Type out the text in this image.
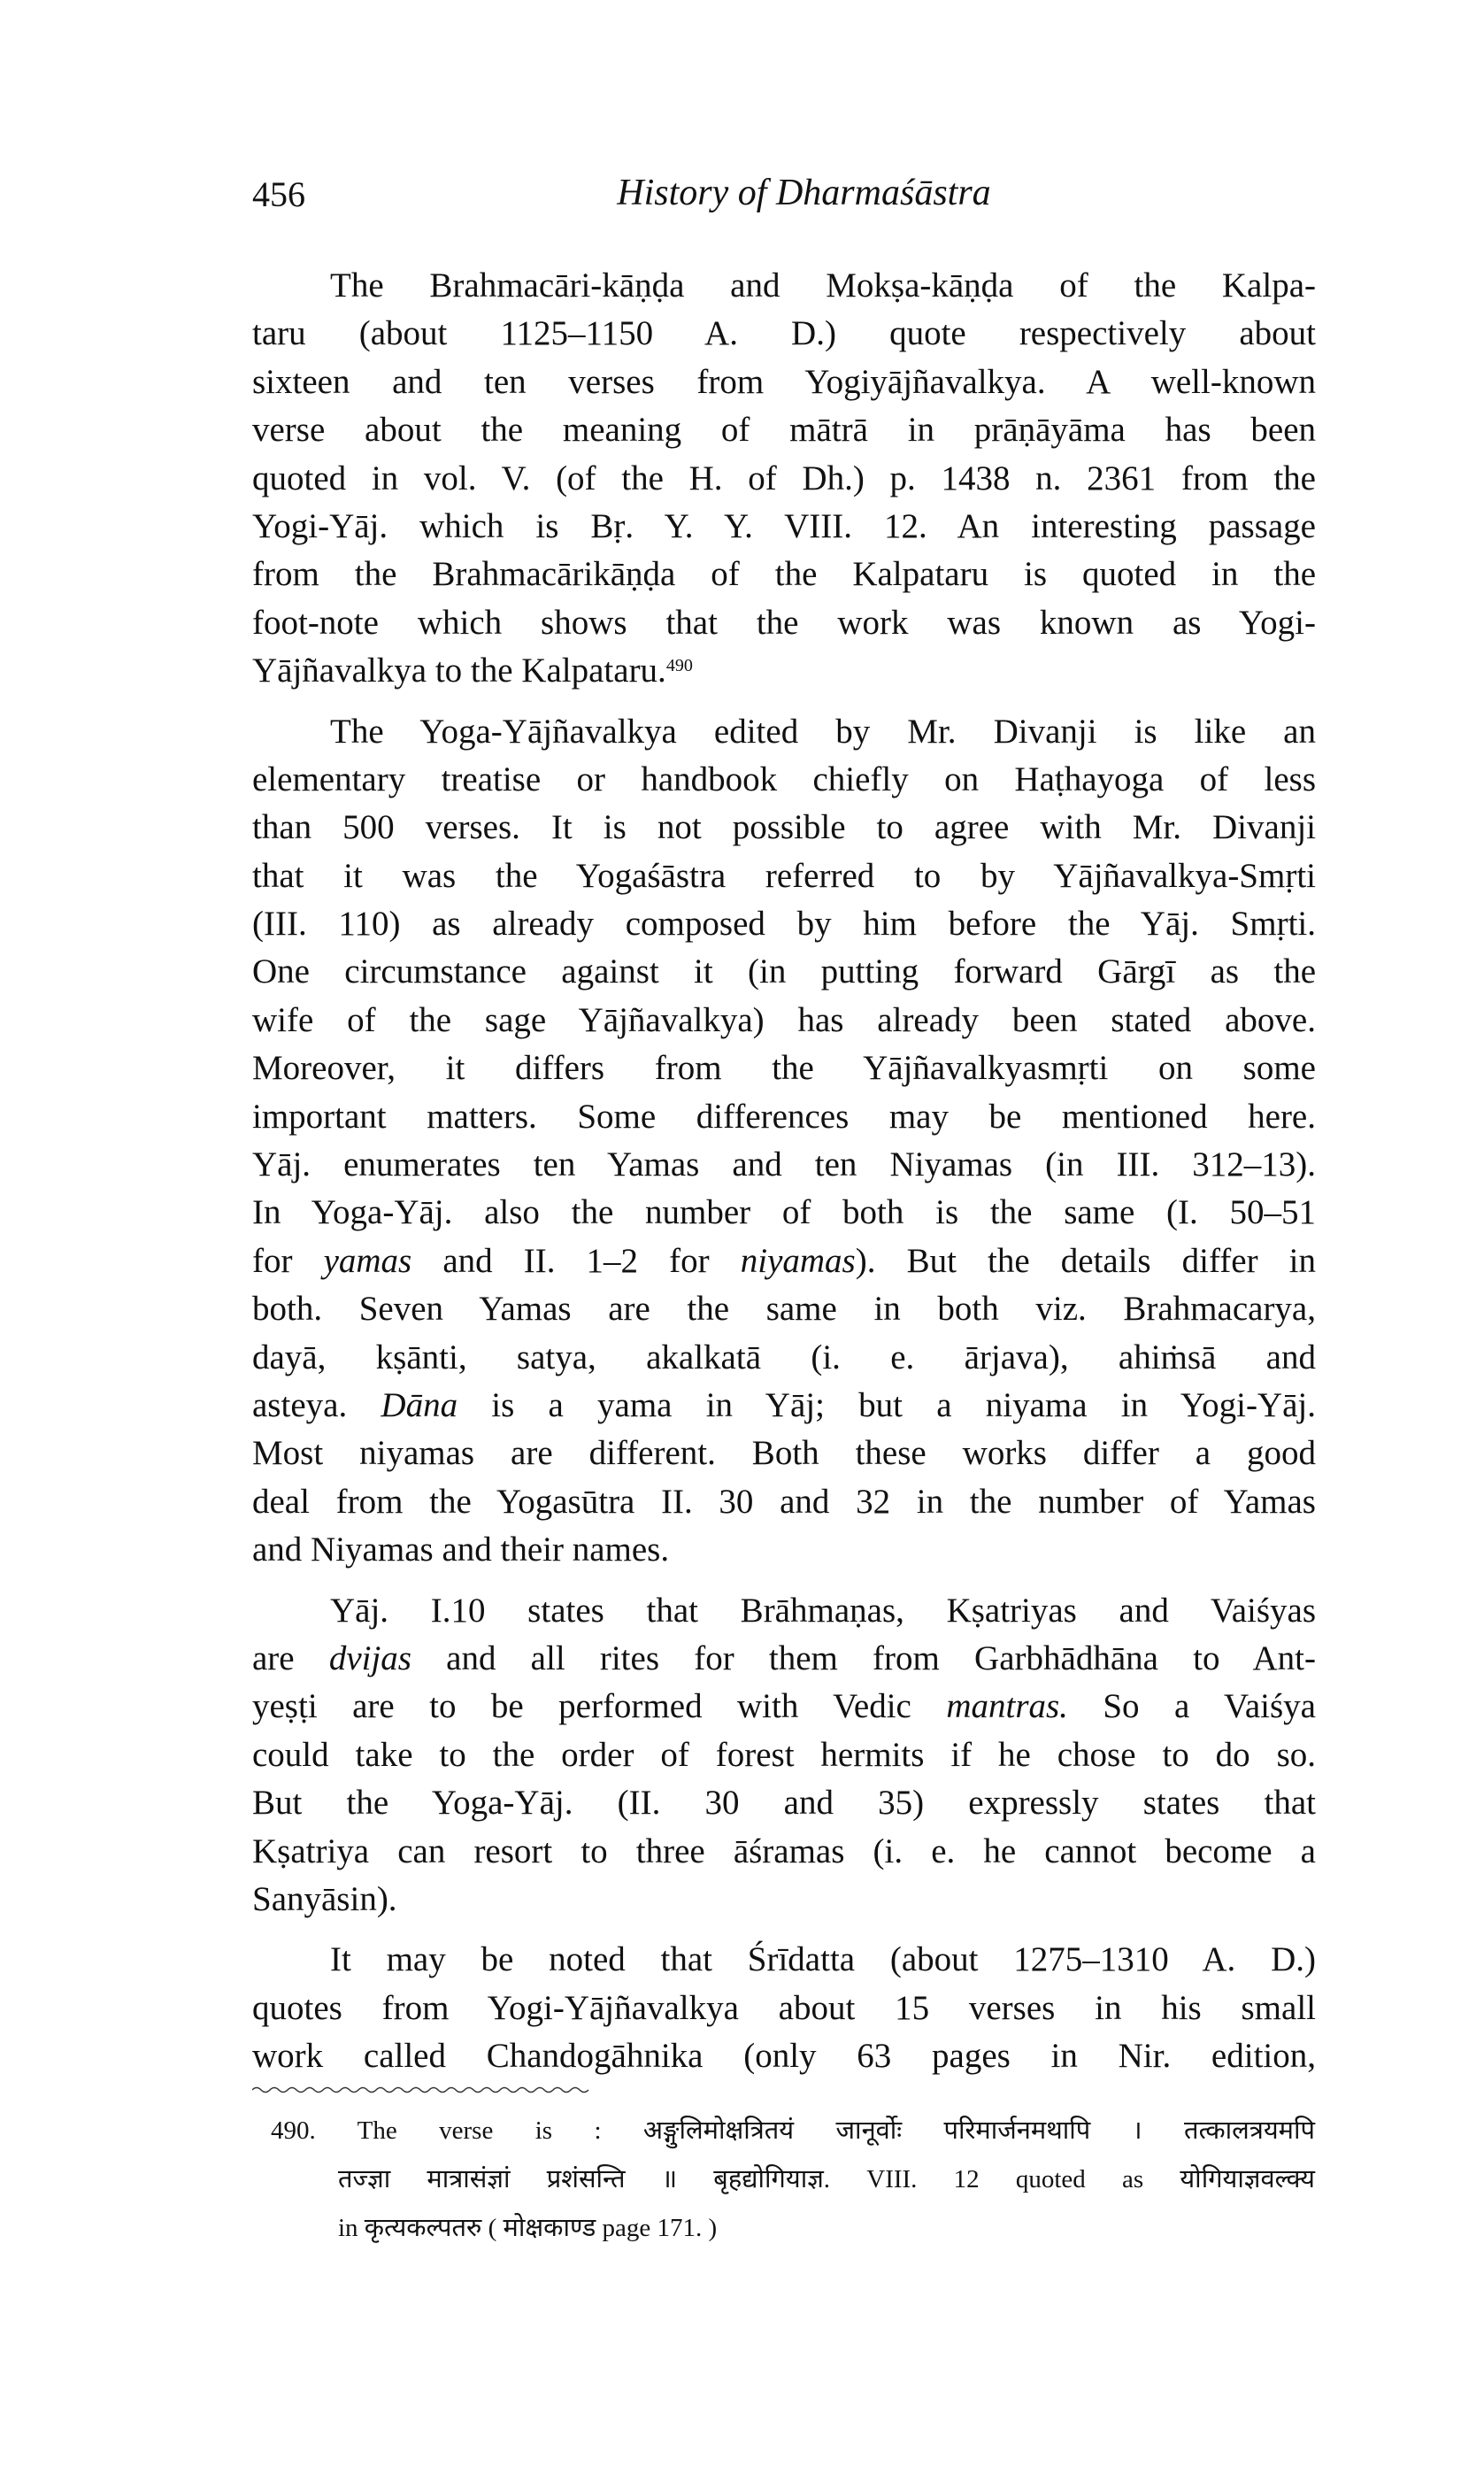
456	History of Dharmaśāstra
The Brahmacāri-kāṇḍa and Mokṣa-kāṇḍa of the Kalpa-
taru (about 1125–1150 A. D.) quote respectively about
sixteen and ten verses from Yogiyājñavalkya. A well-known
verse about the meaning of mātrā in prāṇāyāma has been
quoted in vol. V. (of the H. of Dh.) p. 1438 n. 2361 from the
Yogi-Yāj. which is Bṛ. Y. Y. VIII. 12. An interesting passage
from the Brahmacārikāṇḍa of the Kalpataru is quoted in the
foot-note which shows that the work was known as Yogi-
Yājñavalkya to the Kalpataru.$^{490}$
The Yoga-Yājñavalkya edited by Mr. Divanji is like an
elementary treatise or handbook chiefly on Haṭhayoga of less
than 500 verses. It is not possible to agree with Mr. Divanji
that it was the Yogaśāstra referred to by Yājñavalkya-Smṛti
(III. 110) as already composed by him before the Yāj. Smṛti.
One circumstance against it (in putting forward Gārgī as the
wife of the sage Yājñavalkya) has already been stated above.
Moreover, it differs from the Yājñavalkyasmṛti on some
important matters. Some differences may be mentioned here.
Yāj. enumerates ten Yamas and ten Niyamas (in III. 312–13).
In Yoga-Yāj. also the number of both is the same (I. 50–51
for yamas and II. 1–2 for niyamas). But the details differ in
both. Seven Yamas are the same in both viz. Brahmacarya,
dayā, kṣānti, satya, akalkatā (i. e. ārjava), ahiṁsā and
asteya. Dāna is a yama in Yāj; but a niyama in Yogi-Yāj.
Most niyamas are different. Both these works differ a good
deal from the Yogasūtra II. 30 and 32 in the number of Yamas
and Niyamas and their names.
Yāj. I.10 states that Brāhmaṇas, Kṣatriyas and Vaiśyas
are dvijas and all rites for them from Garbhādhāna to Ant-
yeṣṭi are to be performed with Vedic mantras. So a Vaiśya
could take to the order of forest hermits if he chose to do so.
But the Yoga-Yāj. (II. 30 and 35) expressly states that
Kṣatriya can resort to three āśramas (i. e. he cannot become a
Sanyāsin).
It may be noted that Śrīdatta (about 1275–1310 A. D.)
quotes from Yogi-Yājñavalkya about 15 verses in his small
work called Chandogāhnika (only 63 pages in Nir. edition,
490. The verse is : अङ्गुलिमोक्षत्रितयं जानूर्वोः परिमार्जनमथापि । तत्कालत्रयमपि
तज्ज्ञा मात्रासंज्ञां प्रशंसन्ति ॥ बृहद्योगियाज्ञ. VIII. 12 quoted as योगियाज्ञवल्क्य
in कृत्यकल्पतरु ( मोक्षकाण्ड page 171. )
